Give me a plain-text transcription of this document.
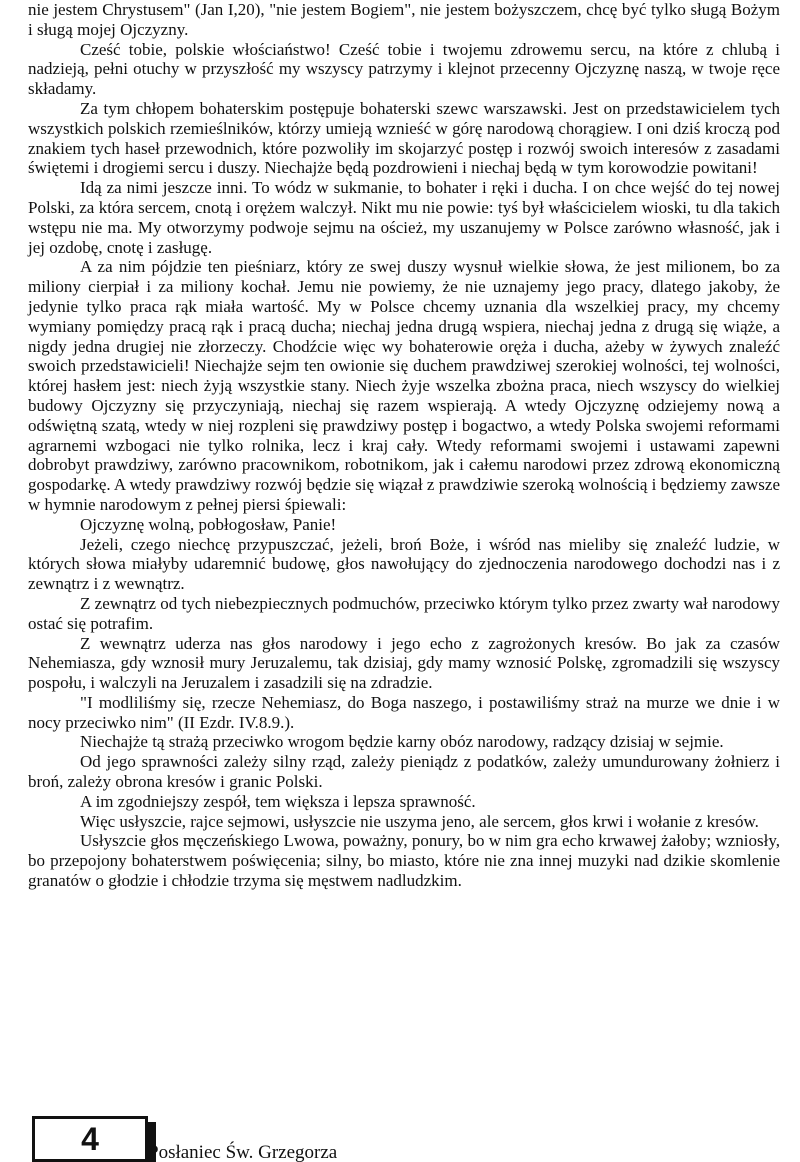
nie jestem Chrystusem" (Jan I,20), "nie jestem Bogiem", nie jestem bożyszczem, chcę być tylko sługą Bożym i sługą mojej Ojczyzny.

Cześć tobie, polskie włościaństwo! Cześć tobie i twojemu zdrowemu sercu, na które z chlubą i nadzieją, pełni otuchy w przyszłość my wszyscy patrzymy i klejnot przecenny Ojczyznę naszą, w twoje ręce składamy.

Za tym chłopem bohaterskim postępuje bohaterski szewc warszawski. Jest on przedstawicielem tych wszystkich polskich rzemieślników, którzy umieją wznieść w górę narodową chorągiew. I oni dziś kroczą pod znakiem tych haseł przewodnich, które pozwoliły im skojarzyć postęp i rozwój swoich interesów z zasadami świętemi i drogiemi sercu i duszy. Niechajże będą pozdrowieni i niechaj będą w tym korowodzie powitani!

Idą za nimi jeszcze inni. To wódz w sukmanie, to bohater i ręki i ducha. I on chce wejść do tej nowej Polski, za która sercem, cnotą i orężem walczył. Nikt mu nie powie: tyś był właścicielem wioski, tu dla takich wstępu nie ma. My otworzymy podwoje sejmu na oścież, my uszanujemy w Polsce zarówno własność, jak i jej ozdobę, cnotę i zasługę.

A za nim pójdzie ten pieśniarz, który ze swej duszy wysnuł wielkie słowa, że jest milionem, bo za miliony cierpiał i za miliony kochał. Jemu nie powiemy, że nie uznajemy jego pracy, dlatego jakoby, że jedynie tylko praca rąk miała wartość. My w Polsce chcemy uznania dla wszelkiej pracy, my chcemy wymiany pomiędzy pracą rąk i pracą ducha; niechaj jedna drugą wspiera, niechaj jedna z drugą się wiąże, a nigdy jedna drugiej nie złorzeczy. Chodźcie więc wy bohaterowie oręża i ducha, ażeby w żywych znaleźć swoich przedstawicieli! Niechajże sejm ten owionie się duchem prawdziwej szerokiej wolności, tej wolności, której hasłem jest: niech żyją wszystkie stany. Niech żyje wszelka zbożna praca, niech wszyscy do wielkiej budowy Ojczyzny się przyczyniają, niechaj się razem wspierają. A wtedy Ojczyznę odziejemy nową a odświętną szatą, wtedy w niej rozpleni się prawdziwy postęp i bogactwo, a wtedy Polska swojemi reformami agrarnemi wzbogaci nie tylko rolnika, lecz i kraj cały. Wtedy reformami swojemi i ustawami zapewni dobrobyt prawdziwy, zarówno pracownikom, robotnikom, jak i całemu narodowi przez zdrową ekonomiczną gospodarkę. A wtedy prawdziwy rozwój będzie się wiązał z prawdziwie szeroką wolnością i będziemy zawsze w hymnie narodowym z pełnej piersi śpiewali:

Ojczyznę wolną, pobłogosław, Panie!

Jeżeli, czego niechcę przypuszczać, jeżeli, broń Boże, i wśród nas mieliby się znaleźć ludzie, w których słowa miałyby udaremnić budowę, głos nawołujący do zjednoczenia narodowego dochodzi nas i z zewnątrz i z wewnątrz.

Z zewnątrz od tych niebezpiecznych podmuchów, przeciwko którym tylko przez zwarty wał narodowy ostać się potrafim.

Z wewnątrz uderza nas głos narodowy i jego echo z zagrożonych kresów. Bo jak za czasów Nehemiasza, gdy wznosił mury Jeruzalemu, tak dzisiaj, gdy mamy wznosić Polskę, zgromadzili się wszyscy pospołu, i walczyli na Jeruzalem i zasadzili się na zdradzie.

"I modliliśmy się, rzecze Nehemiasz, do Boga naszego, i postawiliśmy straż na murze we dnie i w nocy przeciwko nim" (II Ezdr. IV.8.9.).

Niechajże tą strażą przeciwko wrogom będzie karny obóz narodowy, radzący dzisiaj w sejmie.

Od jego sprawności zależy silny rząd, zależy pieniądz z podatków, zależy umundurowany żołnierz i broń, zależy obrona kresów i granic Polski.

A im zgodniejszy zespół, tem większa i lepsza sprawność.

Więc usłyszcie, rajce sejmowi, usłyszcie nie uszyma jeno, ale sercem, głos krwi i wołanie z kresów.

Usłyszcie głos męczeńskiego Lwowa, poważny, ponury, bo w nim gra echo krwawej żałoby; wzniosły, bo przepojony bohaterstwem poświęcenia; silny, bo miasto, które nie zna innej muzyki nad dzikie skomlenie granatów o głodzie i chłodzie trzyma się męstwem nadludzkim.

4	Posłaniec Św. Grzegorza
